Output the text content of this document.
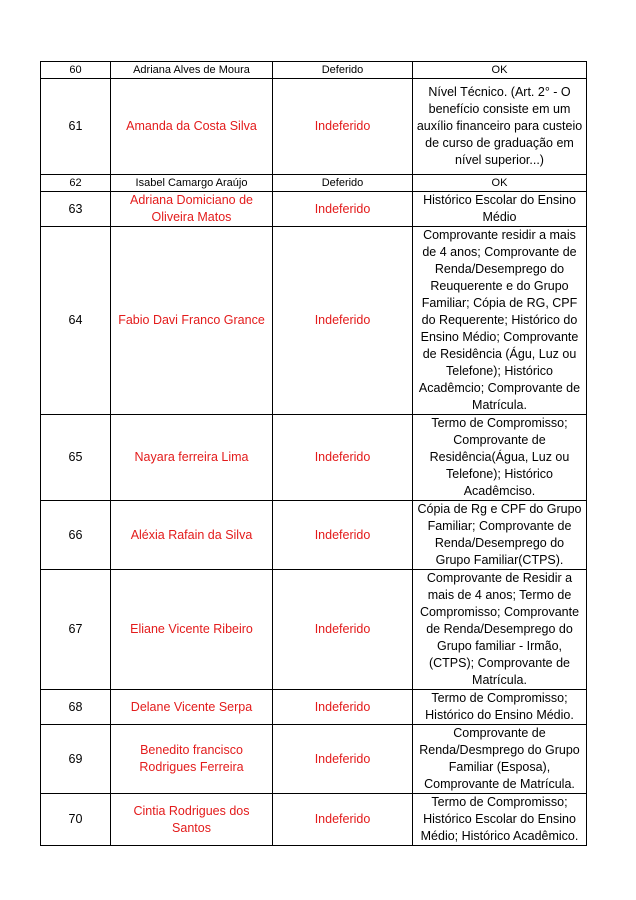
60	Adriana Alves de Moura	Deferido	OK
61	Amanda da Costa Silva	Indeferido	Nível Técnico. (Art. 2° - O benefício consiste em um auxílio financeiro para custeio de curso de graduação em nível superior...)
62	Isabel Camargo Araújo	Deferido	OK
63	Adriana Domiciano de Oliveira Matos	Indeferido	Histórico Escolar do Ensino Médio
64	Fabio Davi Franco Grance	Indeferido	Comprovante residir a mais de 4 anos; Comprovante de Renda/Desemprego do Reuquerente e do Grupo Familiar; Cópia de RG, CPF do Requerente; Histórico do Ensino Médio; Comprovante de Residência (Águ, Luz ou Telefone); Histórico Acadêmcio; Comprovante de Matrícula.
65	Nayara ferreira Lima	Indeferido	Termo de Compromisso; Comprovante de Residência(Água, Luz ou Telefone); Histórico Acadêmciso.
66	Aléxia Rafain da Silva	Indeferido	Cópia de Rg e CPF do Grupo Familiar; Comprovante de Renda/Desemprego do Grupo Familiar(CTPS).
67	Eliane Vicente Ribeiro	Indeferido	Comprovante de Residir a mais de 4 anos; Termo de Compromisso; Comprovante de Renda/Desemprego do Grupo familiar - Irmão, (CTPS); Comprovante de Matrícula.
68	Delane Vicente Serpa	Indeferido	Termo de Compromisso; Histórico do Ensino Médio.
69	Benedito francisco Rodrigues Ferreira	Indeferido	Comprovante de Renda/Desmprego do Grupo Familiar (Esposa), Comprovante de Matrícula.
70	Cintia Rodrigues dos Santos	Indeferido	Termo de Compromisso; Histórico Escolar do Ensino Médio; Histórico Acadêmico.
